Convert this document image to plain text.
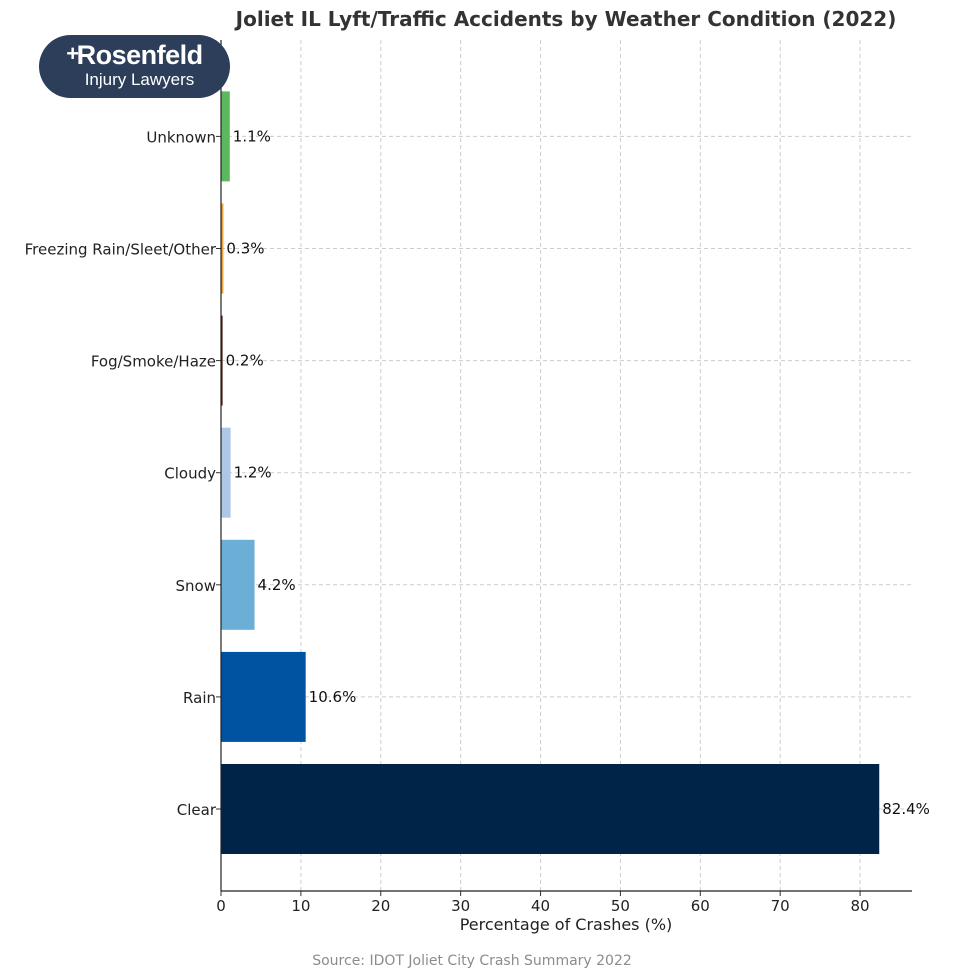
Joliet IL Lyft/Traffic Accidents by Weather Condition (2022)
82.4%
10.6%
4.2%
1.2%
0.2%
0.3%
1.1%
0	10	20	30	40	50	60	70	80
Clear
Rain
Snow
Cloudy
Fog/Smoke/Haze
Freezing Rain/Sleet/Other
Unknown
Percentage of Crashes (%)
+Rosenfeld
Injury Lawyers
Source: IDOT Joliet City Crash Summary 2022
